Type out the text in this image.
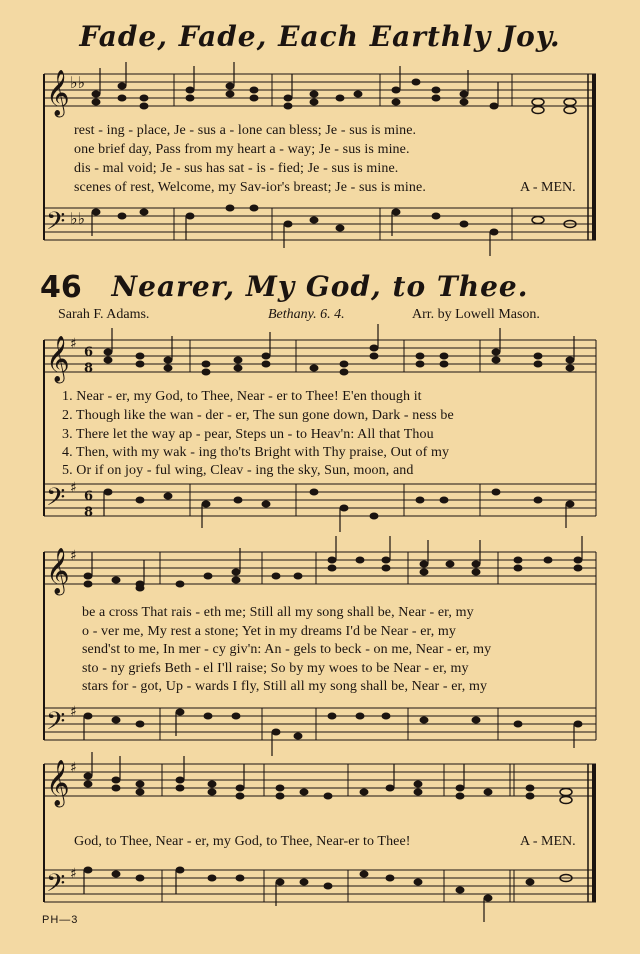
Fade, Fade, Each Earthly Joy.
𝄞
𝄢
♭♭
♭♭
rest - ing - place, Je - sus a - lone can bless; Je - sus is mine.
one brief day, Pass from my heart a - way; Je - sus is mine.
dis - mal void; Je - sus has sat - is - fied; Je - sus is mine.
scenes of rest, Welcome, my Sav-ior's breast; Je - sus is mine.	A - MEN.
46	Nearer, My God, to Thee.
Sarah F. Adams.	Bethany. 6. 4.	Arr. by Lowell Mason.
𝄞
𝄢
♯
♯
6
8
6
8
1. Near - er, my God, to Thee, Near - er to Thee! E'en though it
2. Though like the wan - der - er, The sun gone down, Dark - ness be
3. There let the way ap - pear, Steps un - to Heav'n: All that Thou
4. Then, with my wak - ing tho'ts Bright with Thy praise, Out of my
5. Or if on joy - ful wing, Cleav - ing the sky, Sun, moon, and
𝄞
𝄢
♯
♯
be a cross That rais - eth me; Still all my song shall be, Near - er, my
o - ver me, My rest a stone; Yet in my dreams I'd be Near - er, my
send'st to me, In mer - cy giv'n: An - gels to beck - on me, Near - er, my
sto - ny griefs Beth - el I'll raise; So by my woes to be Near - er, my
stars for - got, Up - wards I fly, Still all my song shall be, Near - er, my
𝄞
𝄢
♯
♯
God, to Thee, Near - er, my God, to Thee, Near-er to Thee!	A - MEN.
PH—3
